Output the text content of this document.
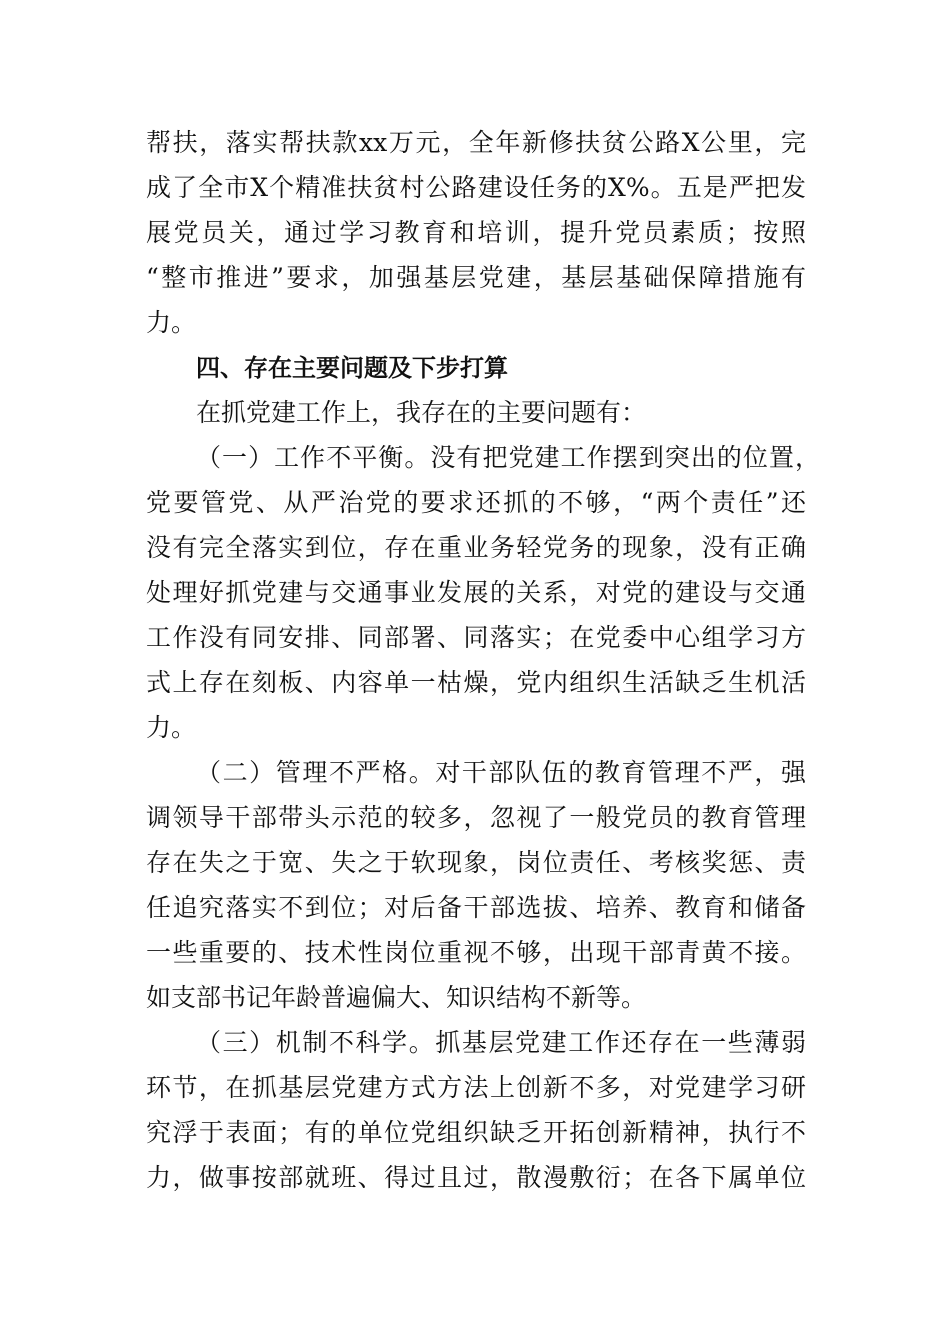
帮扶，落实帮扶款xx万元，全年新修扶贫公路X公里，完
成了全市X个精准扶贫村公路建设任务的X%。五是严把发
展党员关，通过学习教育和培训，提升党员素质；按照
“整市推进”要求，加强基层党建，基层基础保障措施有
力。
四、存在主要问题及下步打算
在抓党建工作上，我存在的主要问题有：
（一）工作不平衡。没有把党建工作摆到突出的位置，
党要管党、从严治党的要求还抓的不够，“两个责任”还
没有完全落实到位，存在重业务轻党务的现象，没有正确
处理好抓党建与交通事业发展的关系，对党的建设与交通
工作没有同安排、同部署、同落实；在党委中心组学习方
式上存在刻板、内容单一枯燥，党内组织生活缺乏生机活
力。
（二）管理不严格。对干部队伍的教育管理不严，强
调领导干部带头示范的较多，忽视了一般党员的教育管理
存在失之于宽、失之于软现象，岗位责任、考核奖惩、责
任追究落实不到位；对后备干部选拔、培养、教育和储备
一些重要的、技术性岗位重视不够，出现干部青黄不接。
如支部书记年龄普遍偏大、知识结构不新等。
（三）机制不科学。抓基层党建工作还存在一些薄弱
环节，在抓基层党建方式方法上创新不多，对党建学习研
究浮于表面；有的单位党组织缺乏开拓创新精神，执行不
力，做事按部就班、得过且过，散漫敷衍；在各下属单位
